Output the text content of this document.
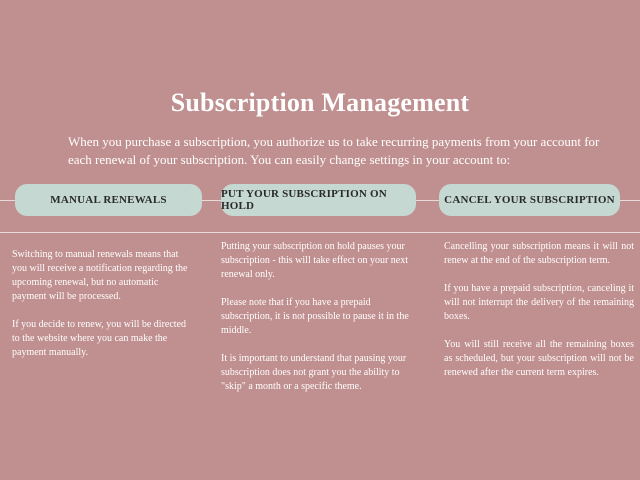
Subscription Management
When you purchase a subscription, you authorize us to take recurring payments from your account for each renewal of your subscription. You can easily change settings in your account to:
MANUAL RENEWALS	PUT YOUR SUBSCRIPTION ON HOLD	CANCEL YOUR SUBSCRIPTION

Switching to manual renewals means that you will receive a notification regarding the upcoming renewal, but no automatic payment will be processed.

If you decide to renew, you will be directed to the website where you can make the payment manually.

Putting your subscription on hold pauses your subscription - this will take effect on your next renewal only.

Please note that if you have a prepaid subscription, it is not possible to pause it in the middle.

It is important to understand that pausing your subscription does not grant you the ability to "skip" a month or a specific theme.

Cancelling your subscription means it will not renew at the end of the subscription term.

If you have a prepaid subscription, canceling it will not interrupt the delivery of the remaining boxes.

You will still receive all the remaining boxes as scheduled, but your subscription will not be renewed after the current term expires.
